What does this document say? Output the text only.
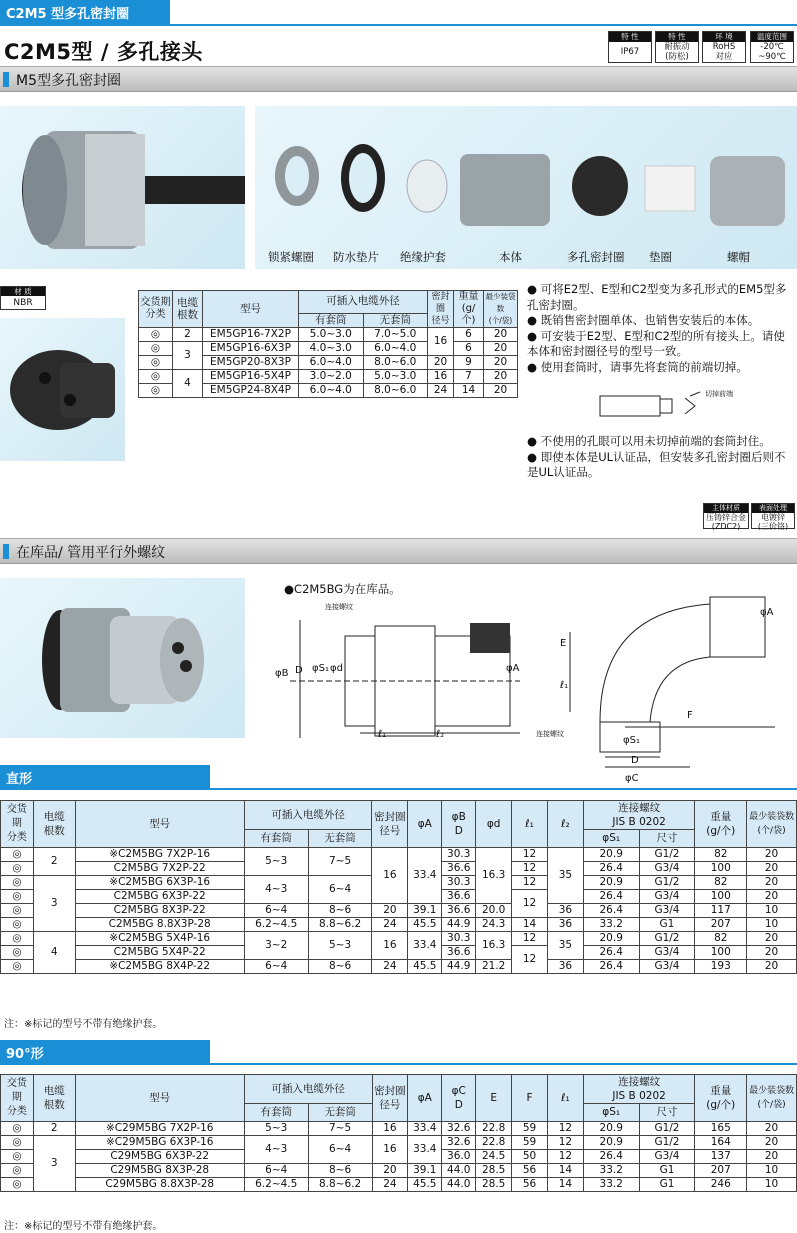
C2M5 型多孔密封圈
C2M5型 / 多孔接头
特 性
IP67
特 性
耐振动
(防松)
环 境
RoHS
对应
温度范围
-20℃
~90℃
M5型多孔密封圈
锁紧螺圈 防水垫片 绝缘护套	本体	多孔密封圈 垫圈	螺帽
材 质
NBR	交货期
分类	电缆
根数	型号	可插入电缆外径		密封圈
径号	重量
(g/个)	最少装袋数
(个/袋)
			有套筒	无套筒			
◎	2	EM5GP16-7X2P	5.0~3.0	7.0~5.0	16	6	20
◎	3	EM5GP16-6X3P	4.0~3.0	6.0~4.0		6	20
◎		EM5GP20-8X3P	6.0~4.0	8.0~6.0	20	9	20
◎	4	EM5GP16-5X4P	3.0~2.0	5.0~3.0	16	7	20
◎		EM5GP24-8X4P	6.0~4.0	8.0~6.0	24	14	20
● 可将E2型、E型和C2型变为多孔形式的EM5型多孔密封圈。
● 既销售密封圈单体、也销售安装后的本体。
● 可安装于E2型、E型和C2型的所有接头上。请使本体和密封圈径号的型号一致。
● 使用套筒时，请事先将套筒的前端切掉。
切掉前端
● 不使用的孔眼可以用未切掉前端的套筒封住。
● 即使本体是UL认证品，但安装多孔密封圈后则不是UL认证品。
主体材质
压铸锌合金
(ZDC2)
表面处理
电镀锌
(三价铬)
在库品/ 管用平行外螺纹
●C2M5BG为在库品。
连接螺纹
φB D φS₁ φd	φA
ℓ₁	ℓ₂
E
ℓ₁
F
φA
φS₁
D
φC
连接螺纹
直形
交货期
分类	电缆
根数	型号	可插入电缆外径		密封圈
径号	φA	φB
D	φd	ℓ₁	ℓ₂	连接螺纹
JIS B 0202		重量
(g/个)	最少装袋数
(个/袋)
			有套筒	无套筒							φS₁	尺寸		
◎	2	※C2M5BG 7X2P-16	5~3	7~5	16	33.4	30.3	16.3	12	35	20.9	G1/2	82	20
◎		C2M5BG 7X2P-22					36.6		12		26.4	G3/4	100	20
◎	3	※C2M5BG 6X3P-16	4~3	6~4			30.3		12		20.9	G1/2	82	20
◎		C2M5BG 6X3P-22					36.6		12		26.4	G3/4	100	20
◎		C2M5BG 8X3P-22	6~4	8~6	20	39.1	36.6	20.0		36	26.4	G3/4	117	10
◎		C2M5BG 8.8X3P-28	6.2~4.5	8.8~6.2	24	45.5	44.9	24.3	14	36	33.2	G1	207	10
◎	4	※C2M5BG 5X4P-16	3~2	5~3	16	33.4	30.3	16.3	12	35	20.9	G1/2	82	20
◎		C2M5BG 5X4P-22					36.6		12		26.4	G3/4	100	20
◎		※C2M5BG 8X4P-22	6~4	8~6	24	45.5	44.9	21.2		36	26.4	G3/4	193	20
注：※标记的型号不带有绝缘护套。
90°形
交货期
分类	电缆
根数	型号	可插入电缆外径		密封圈
径号	φA	φC
D	E	F	ℓ₁	连接螺纹
JIS B 0202		重量
(g/个)	最少装袋数
(个/袋)
			有套筒	无套筒							φS₁	尺寸		
◎	2	※C29M5BG 7X2P-16	5~3	7~5	16	33.4	32.6	22.8	59	12	20.9	G1/2	165	20
◎	3	※C29M5BG 6X3P-16	4~3	6~4	16	33.4	32.6	22.8	59	12	20.9	G1/2	164	20
◎		C29M5BG 6X3P-22					36.0	24.5	50	12	26.4	G3/4	137	20
◎		C29M5BG 8X3P-28	6~4	8~6	20	39.1	44.0	28.5	56	14	33.2	G1	207	10
◎		C29M5BG 8.8X3P-28	6.2~4.5	8.8~6.2	24	45.5	44.0	28.5	56	14	33.2	G1	246	10
注：※标记的型号不带有绝缘护套。
